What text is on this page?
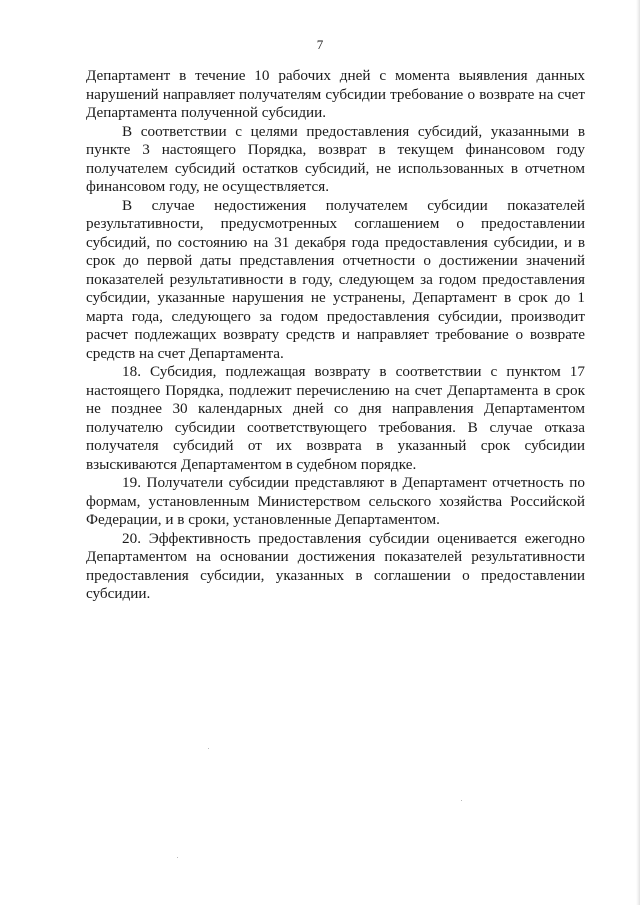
7

Департамент в течение 10 рабочих дней с момента выявления данных нарушений направляет получателям субсидии требование о возврате на счет Департамента полученной субсидии.

В соответствии с целями предоставления субсидий, указанными в пункте 3 настоящего Порядка, возврат в текущем финансовом году получателем субсидий остатков субсидий, не использованных в отчетном финансовом году, не осуществляется.

В случае недостижения получателем субсидии показателей результативности, предусмотренных соглашением о предоставлении субсидий, по состоянию на 31 декабря года предоставления субсидии, и в срок до первой даты представления отчетности о достижении значений показателей результативности в году, следующем за годом предоставления субсидии, указанные нарушения не устранены, Департамент в срок до 1 марта года, следующего за годом предоставления субсидии, производит расчет подлежащих возврату средств и направляет требование о возврате средств на счет Департамента.

18. Субсидия, подлежащая возврату в соответствии с пунктом 17 настоящего Порядка, подлежит перечислению на счет Департамента в срок не позднее 30 календарных дней со дня направления Департаментом получателю субсидии соответствующего требования. В случае отказа получателя субсидий от их возврата в указанный срок субсидии взыскиваются Департаментом в судебном порядке.

19. Получатели субсидии представляют в Департамент отчетность по формам, установленным Министерством сельского хозяйства Российской Федерации, и в сроки, установленные Департаментом.

20. Эффективность предоставления субсидии оценивается ежегодно Департаментом на основании достижения показателей результативности предоставления субсидии, указанных в соглашении о предоставлении субсидии.
